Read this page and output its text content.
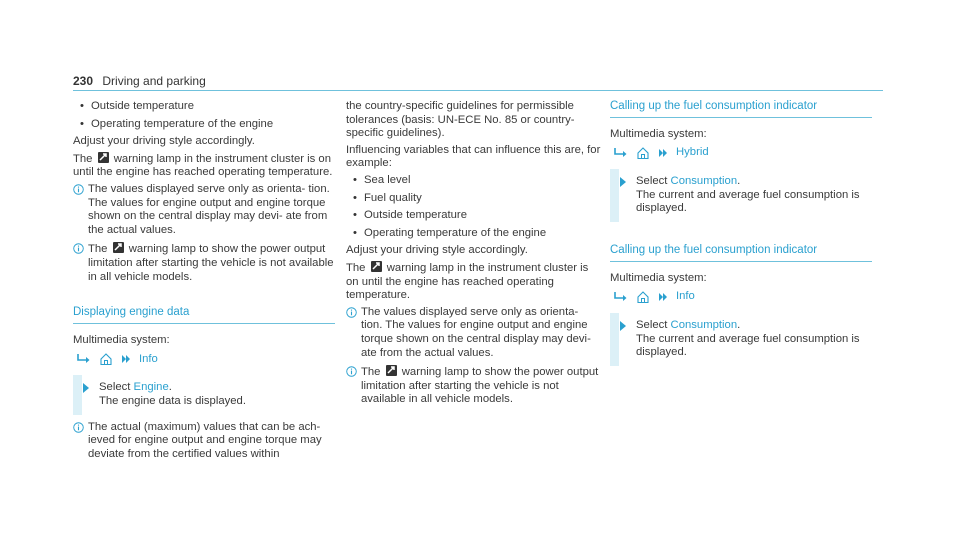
230 Driving and parking
• Outside temperature
• Operating temperature of the engine

Adjust your driving style accordingly.

The warning lamp in the instrument cluster is on until the engine has reached operating temperature.

The values displayed serve only as orienta- tion. The values for engine output and engine torque shown on the central display may devi- ate from the actual values.
The warning lamp to show the power output limitation after starting the vehicle is not available in all vehicle models.
Displaying engine data
Multimedia system:
Info
Select Engine.
The engine data is displayed.
The actual (maximum) values that can be ach- ieved for engine output and engine torque may deviate from the certified values within

the country-specific guidelines for permissible tolerances (basis: UN-ECE No. 85 or country- specific guidelines).

Influencing variables that can influence this are, for example:

• Sea level
• Fuel quality
• Outside temperature
• Operating temperature of the engine

Adjust your driving style accordingly.

The warning lamp in the instrument cluster is on until the engine has reached operating temperature.

The values displayed serve only as orienta- tion. The values for engine output and engine torque shown on the central display may devi- ate from the actual values.
The warning lamp to show the power output limitation after starting the vehicle is not available in all vehicle models.
Calling up the fuel consumption indicator
Multimedia system:
Hybrid
Select Consumption.
The current and average fuel consumption is displayed.
Calling up the fuel consumption indicator
Multimedia system:
Info
Select Consumption.
The current and average fuel consumption is displayed.
